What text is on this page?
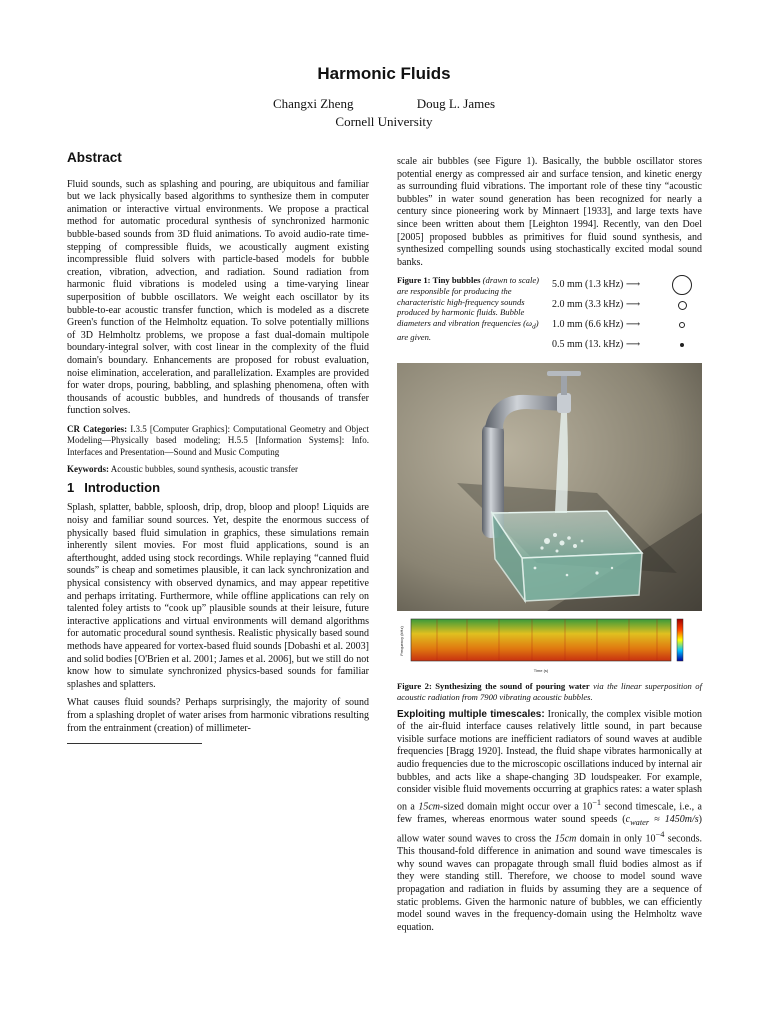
Harmonic Fluids
Changxi Zheng	Doug L. James
Cornell University
Abstract

Fluid sounds, such as splashing and pouring, are ubiquitous and familiar but we lack physically based algorithms to synthesize them in computer animation or interactive virtual environments. We propose a practical method for automatic procedural synthesis of synchronized harmonic bubble-based sounds from 3D fluid animations. To avoid audio-rate time-stepping of compressible fluids, we acoustically augment existing incompressible fluid solvers with particle-based models for bubble creation, vibration, advection, and radiation. Sound radiation from harmonic fluid vibrations is modeled using a time-varying linear superposition of bubble oscillators. We weight each oscillator by its bubble-to-ear acoustic transfer function, which is modeled as a discrete Green's function of the Helmholtz equation. To solve potentially millions of 3D Helmholtz problems, we propose a fast dual-domain multipole boundary-integral solver, with cost linear in the complexity of the fluid domain's boundary. Enhancements are proposed for robust evaluation, noise elimination, acceleration, and parallelization. Examples are provided for water drops, pouring, babbling, and splashing phenomena, often with thousands of acoustic bubbles, and hundreds of thousands of transfer function solves.

CR Categories: I.3.5 [Computer Graphics]: Computational Geometry and Object Modeling—Physically based modeling; H.5.5 [Information Systems]: Info. Interfaces and Presentation—Sound and Music Computing

Keywords: Acoustic bubbles, sound synthesis, acoustic transfer

1 Introduction

Splash, splatter, babble, sploosh, drip, drop, bloop and ploop! Liquids are noisy and familiar sound sources. Yet, despite the enormous success of physically based fluid simulation in graphics, these simulations remain inherently silent movies. For most fluid applications, sound is an afterthought, added using stock recordings. While replaying “canned fluid sounds” is cheap and sometimes plausible, it can lack synchronization and physical consistency with observed dynamics, and may appear repetitive and perhaps irritating. Furthermore, while offline applications can rely on talented foley artists to “cook up” plausible sounds at their leisure, future interactive applications and virtual environments will demand algorithms for automatic procedural sound synthesis. Realistic physically based sound methods have appeared for vortex-based fluid sounds [Dobashi et al. 2003] and solid bodies [O'Brien et al. 2001; James et al. 2006], but we still do not know how to simulate synchronized physics-based sounds for familiar splashes and splatters.

What causes fluid sounds? Perhaps surprisingly, the majority of sound from a splashing droplet of water arises from harmonic vibrations resulting from the entrainment (creation) of millimeter-

scale air bubbles (see Figure 1). Basically, the bubble oscillator stores potential energy as compressed air and surface tension, and kinetic energy as surrounding fluid vibrations. The important role of these tiny “acoustic bubbles” in water sound generation has been recognized for nearly a century since pioneering work by Minnaert [1933], and large texts have since been written about them [Leighton 1994]. Recently, van den Doel [2005] proposed bubbles as primitives for fluid sound synthesis, and synthesized compelling sounds using stochastically excited modal sound banks.

Figure 1: Tiny bubbles (drawn to scale) are responsible for producing the characteristic high-frequency sounds produced by harmonic fluids. Bubble diameters and vibration frequencies $(\omega_d)$ are given.
5.0 mm (1.3 kHz) ⟶
2.0 mm (3.3 kHz) ⟶
1.0 mm (6.6 kHz) ⟶
0.5 mm (13. kHz) ⟶
Time (s)
Frequency (kHz)
Figure 2: Synthesizing the sound of pouring water via the linear superposition of acoustic radiation from 7900 vibrating acoustic bubbles.

Exploiting multiple timescales: Ironically, the complex visible motion of the air-fluid interface causes relatively little sound, in part because visible surface motions are inefficient radiators of sound waves at audible frequencies [Bragg 1920]. Instead, the fluid shape vibrates harmonically at audio frequencies due to the microscopic oscillations induced by internal air bubbles, and acts like a shape-changing 3D loudspeaker. For example, consider visible fluid movements occurring at graphics rates: a water splash on a 15cm-sized domain might occur over a $10^{-1}$ second timescale, i.e., a few frames, whereas enormous water sound speeds $(c_{water} \approx 1450m/s)$ allow water sound waves to cross the 15cm domain in only $10^{-4}$ seconds. This thousand-fold difference in animation and sound wave timescales is why sound waves can propagate through small fluid bodies almost as if they were standing still. Therefore, we choose to model sound wave propagation and radiation in fluids by assuming they are a sequence of static problems. Given the harmonic nature of bubbles, we can efficiently model sound waves in the frequency-domain using the Helmholtz wave equation.
